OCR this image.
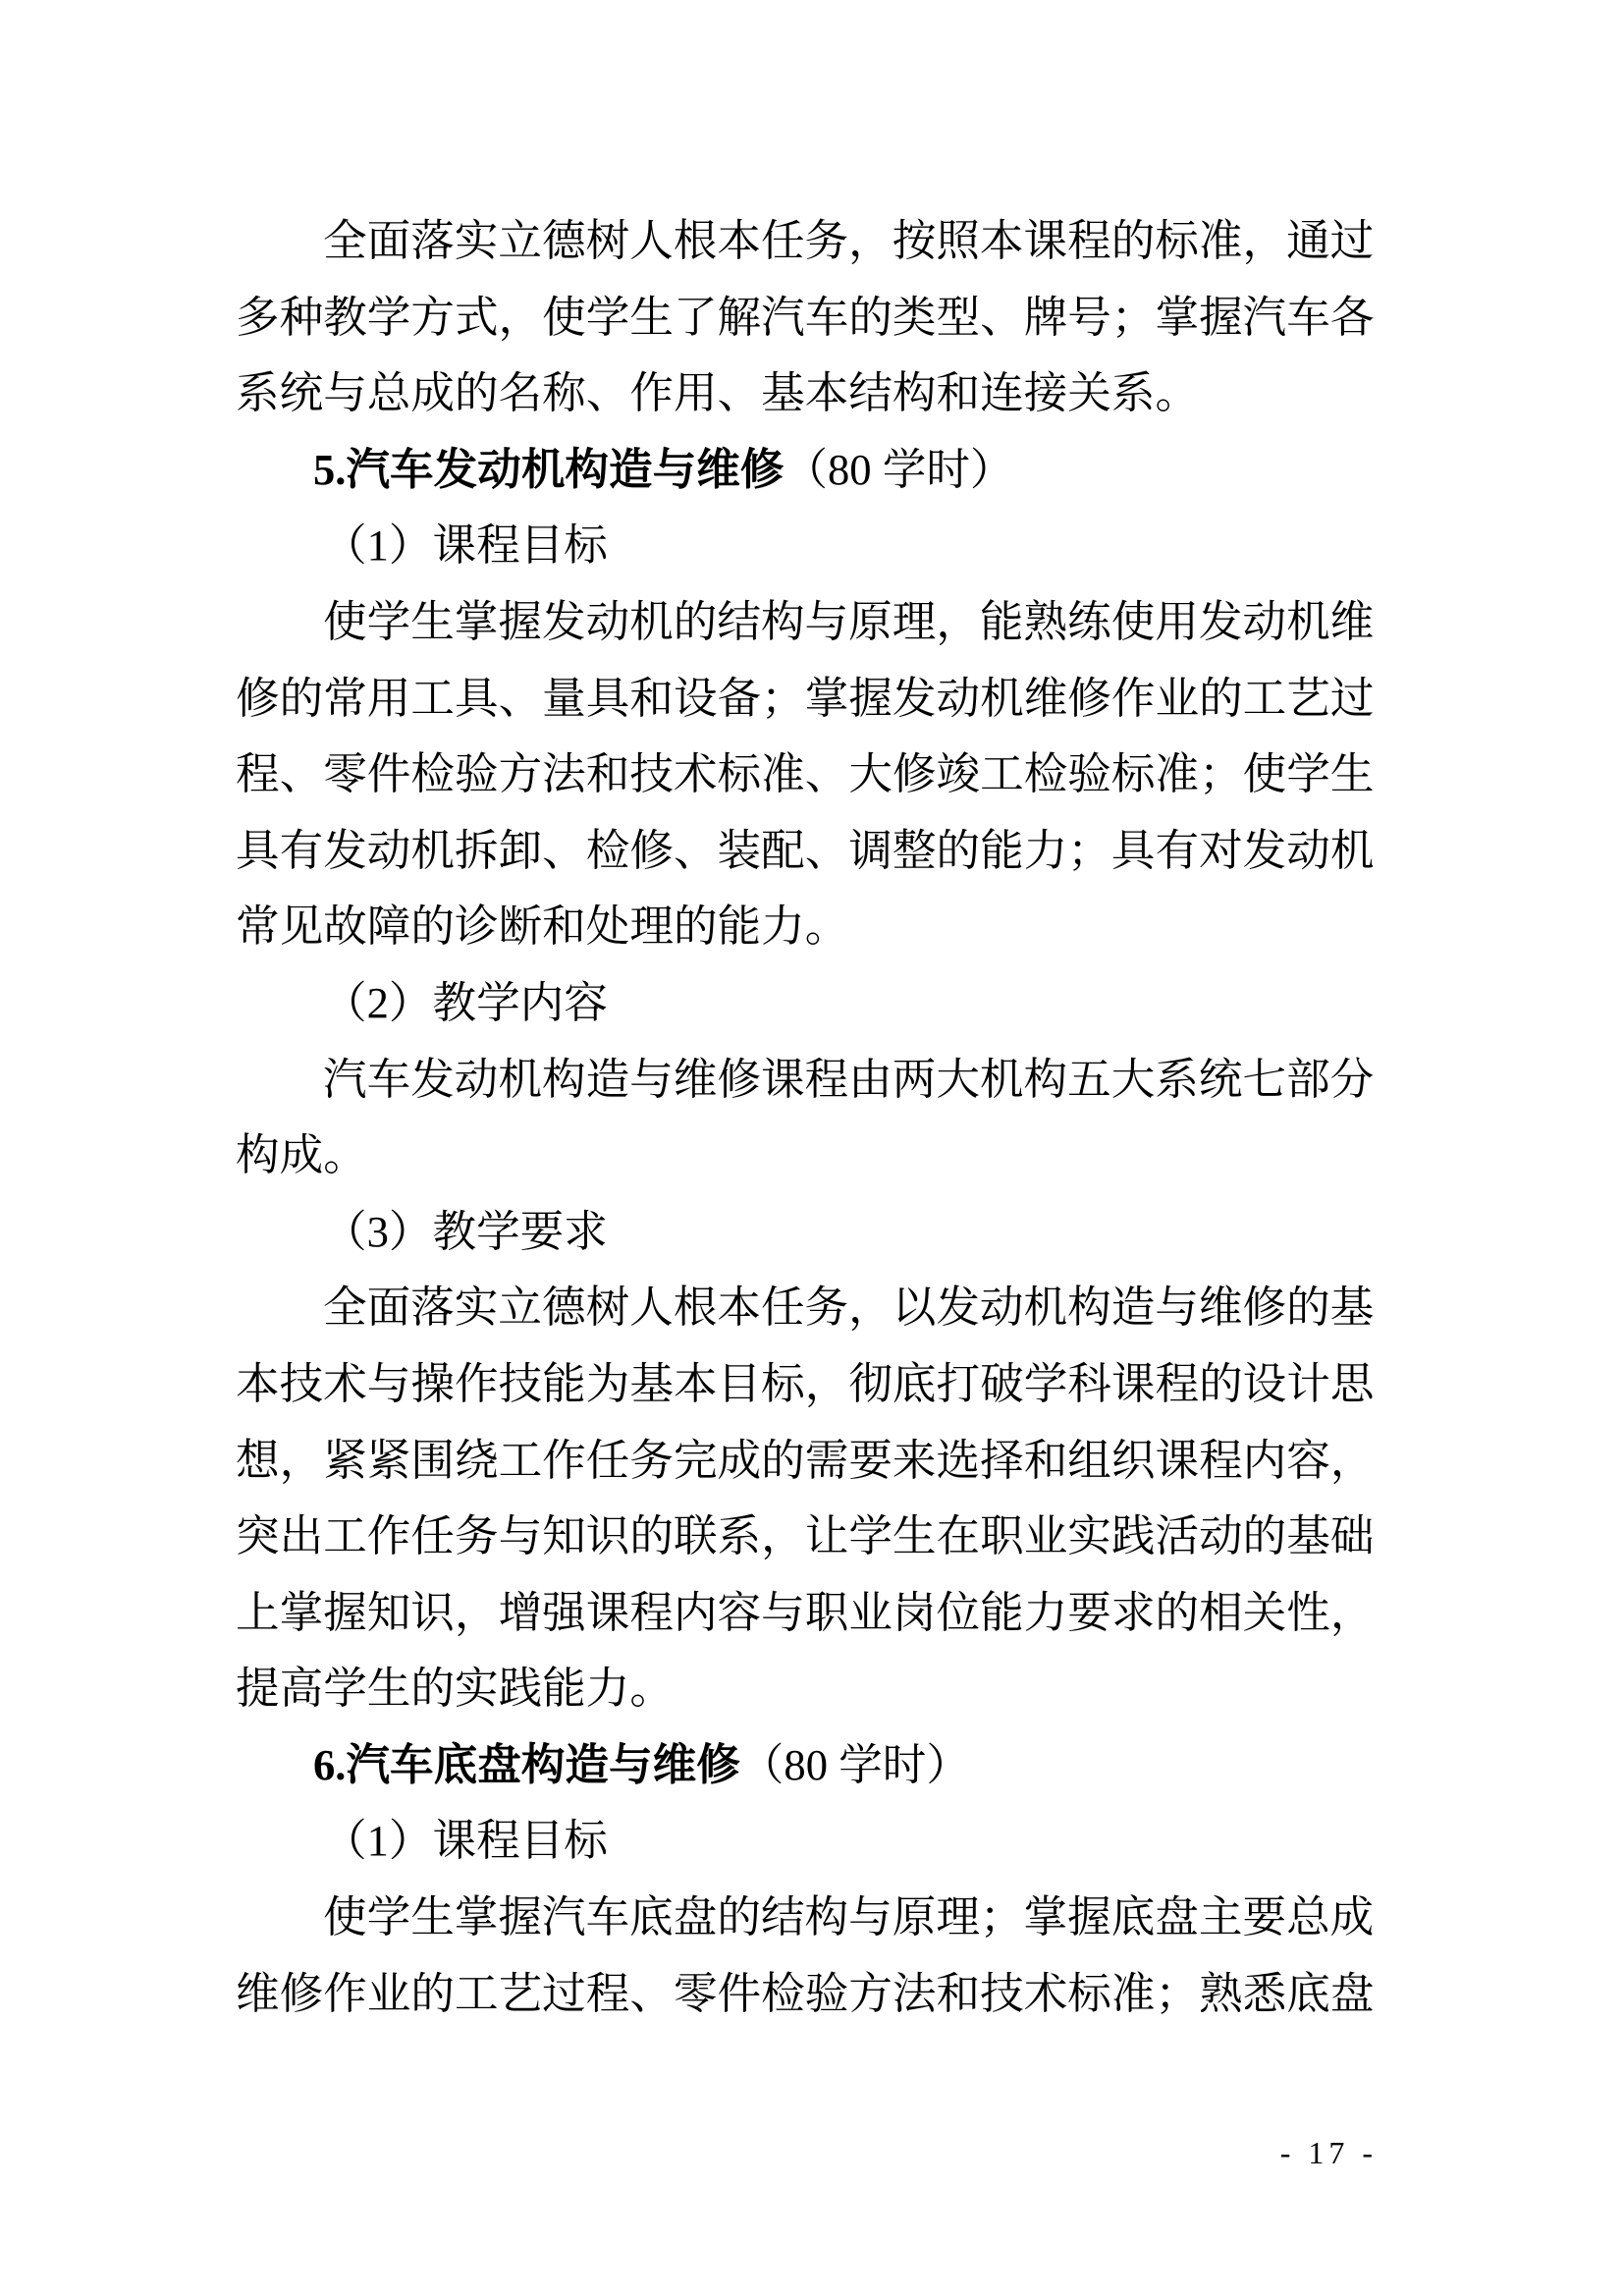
全面落实立德树人根本任务，按照本课程的标准，通过
多种教学方式，使学生了解汽车的类型、牌号；掌握汽车各
系统与总成的名称、作用、基本结构和连接关系。
5.汽车发动机构造与维修（80 学时）
（1）课程目标
使学生掌握发动机的结构与原理，能熟练使用发动机维
修的常用工具、量具和设备；掌握发动机维修作业的工艺过
程、零件检验方法和技术标准、大修竣工检验标准；使学生
具有发动机拆卸、检修、装配、调整的能力；具有对发动机
常见故障的诊断和处理的能力。
（2）教学内容
汽车发动机构造与维修课程由两大机构五大系统七部分
构成。
（3）教学要求
全面落实立德树人根本任务，以发动机构造与维修的基
本技术与操作技能为基本目标，彻底打破学科课程的设计思
想，紧紧围绕工作任务完成的需要来选择和组织课程内容，
突出工作任务与知识的联系，让学生在职业实践活动的基础
上掌握知识，增强课程内容与职业岗位能力要求的相关性，
提高学生的实践能力。
6.汽车底盘构造与维修（80 学时）
（1）课程目标
使学生掌握汽车底盘的结构与原理；掌握底盘主要总成
维修作业的工艺过程、零件检验方法和技术标准；熟悉底盘
- 17 -
